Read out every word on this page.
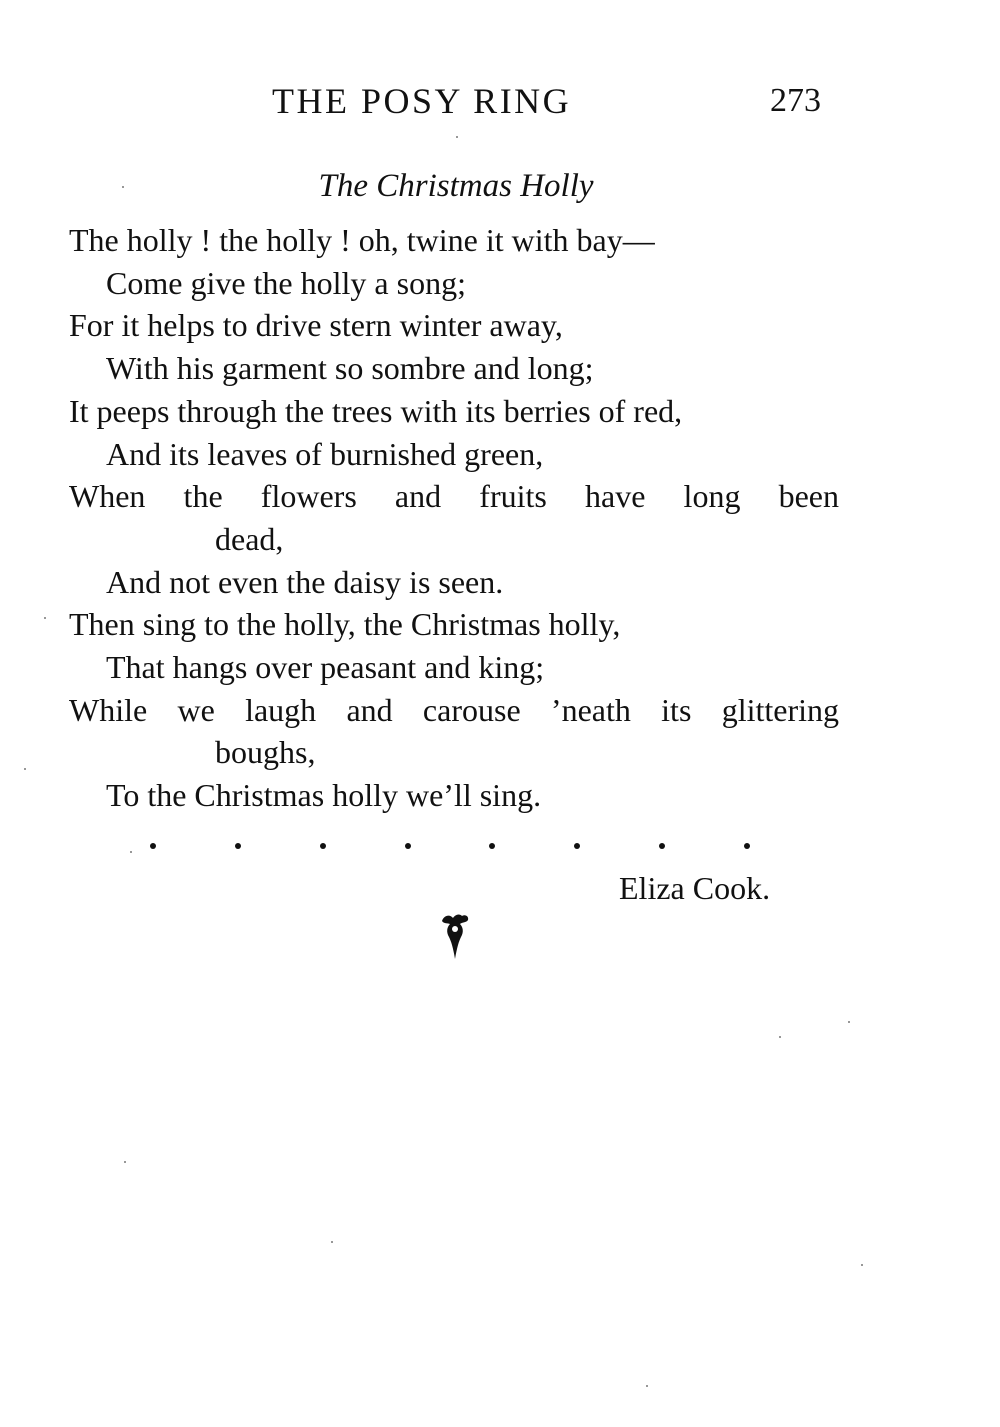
THE POSY RING	273
The Christmas Holly
The holly ! the holly ! oh, twine it with bay—
Come give the holly a song;
For it helps to drive stern winter away,
With his garment so sombre and long;
It peeps through the trees with its berries of red,
And its leaves of burnished green,
When the flowers and fruits have long been
dead,
And not even the daisy is seen.
Then sing to the holly, the Christmas holly,
That hangs over peasant and king;
While we laugh and carouse ’neath its glittering
boughs,
To the Christmas holly we’ll sing.
Eliza Cook.
